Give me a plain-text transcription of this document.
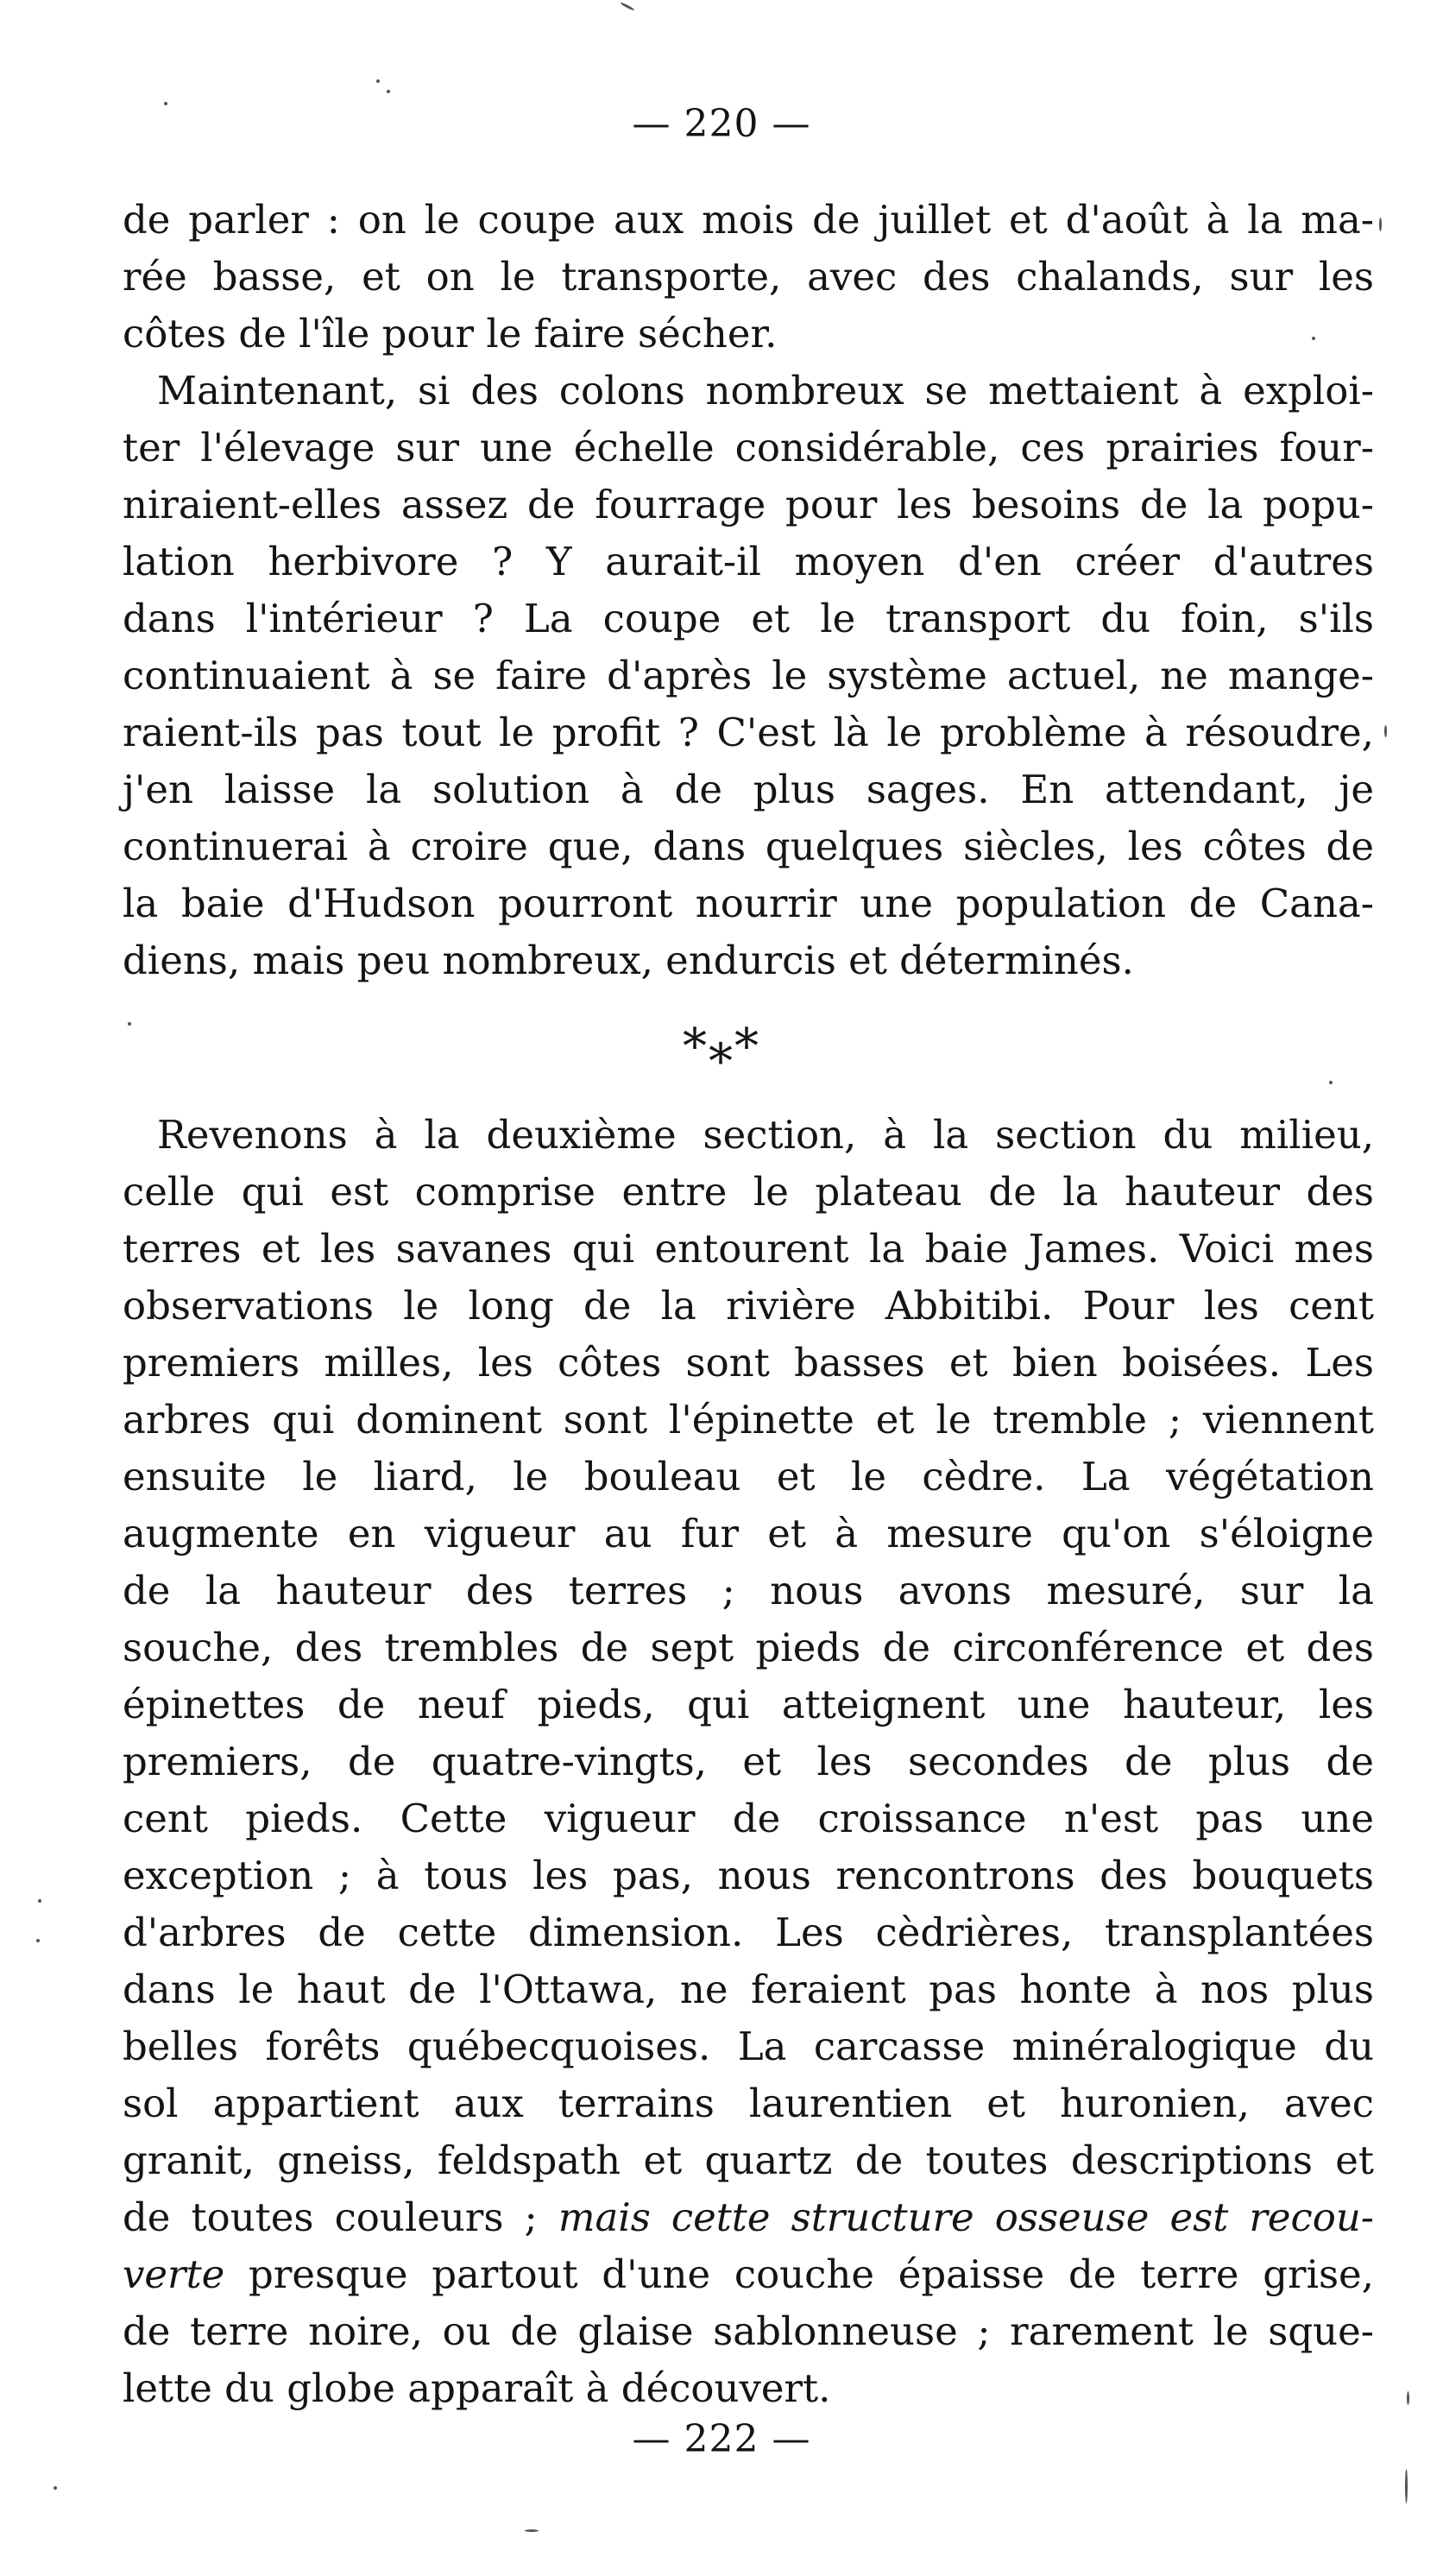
— 220 —
de parler : on le coupe aux mois de juillet et d'août à la ma-
rée basse, et on le transporte, avec des chalands, sur les
côtes de l'île pour le faire sécher.
Maintenant, si des colons nombreux se mettaient à exploi-
ter l'élevage sur une échelle considérable, ces prairies four-
niraient-elles assez de fourrage pour les besoins de la popu-
lation herbivore ? Y aurait-il moyen d'en créer d'autres
dans l'intérieur ? La coupe et le transport du foin, s'ils
continuaient à se faire d'après le système actuel, ne mange-
raient-ils pas tout le profit ? C'est là le problème à résoudre,
j'en laisse la solution à de plus sages. En attendant, je
continuerai à croire que, dans quelques siècles, les côtes de
la baie d'Hudson pourront nourrir une population de Cana-
diens, mais peu nombreux, endurcis et déterminés.
*⁎*
Revenons à la deuxième section, à la section du milieu,
celle qui est comprise entre le plateau de la hauteur des
terres et les savanes qui entourent la baie James. Voici mes
observations le long de la rivière Abbitibi. Pour les cent
premiers milles, les côtes sont basses et bien boisées. Les
arbres qui dominent sont l'épinette et le tremble ; viennent
ensuite le liard, le bouleau et le cèdre. La végétation
augmente en vigueur au fur et à mesure qu'on s'éloigne
de la hauteur des terres ; nous avons mesuré, sur la
souche, des trembles de sept pieds de circonférence et des
épinettes de neuf pieds, qui atteignent une hauteur, les
premiers, de quatre-vingts, et les secondes de plus de
cent pieds. Cette vigueur de croissance n'est pas une
exception ; à tous les pas, nous rencontrons des bouquets
d'arbres de cette dimension. Les cèdrières, transplantées
dans le haut de l'Ottawa, ne feraient pas honte à nos plus
belles forêts québecquoises. La carcasse minéralogique du
sol appartient aux terrains laurentien et huronien, avec
granit, gneiss, feldspath et quartz de toutes descriptions et
de toutes couleurs ; mais cette structure osseuse est recou-
verte presque partout d'une couche épaisse de terre grise,
de terre noire, ou de glaise sablonneuse ; rarement le sque-
lette du globe apparaît à découvert.
— 222 —
